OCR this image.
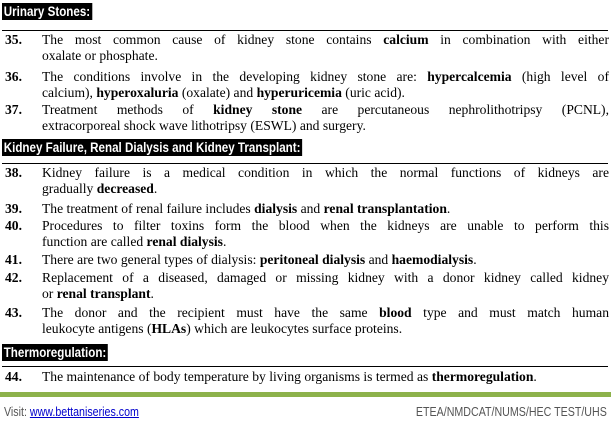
Urinary Stones:
35. The most common cause of kidney stone contains calcium in combination with either
oxalate or phosphate.
36. The conditions involve in the developing kidney stone are: hypercalcemia (high level of
calcium), hyperoxaluria (oxalate) and hyperuricemia (uric acid).
37. Treatment methods of kidney stone are percutaneous nephrolithotripsy (PCNL),
extracorporeal shock wave lithotripsy (ESWL) and surgery.
Kidney Failure, Renal Dialysis and Kidney Transplant:
38. Kidney failure is a medical condition in which the normal functions of kidneys are
gradually decreased.
39. The treatment of renal failure includes dialysis and renal transplantation.
40. Procedures to filter toxins form the blood when the kidneys are unable to perform this
function are called renal dialysis.
41. There are two general types of dialysis: peritoneal dialysis and haemodialysis.
42. Replacement of a diseased, damaged or missing kidney with a donor kidney called kidney
or renal transplant.
43. The donor and the recipient must have the same blood type and must match human
leukocyte antigens (HLAs) which are leukocytes surface proteins.
Thermoregulation:
44. The maintenance of body temperature by living organisms is termed as thermoregulation.
Visit: www.bettaniseries.com	ETEA/NMDCAT/NUMS/HEC TEST/UHS
